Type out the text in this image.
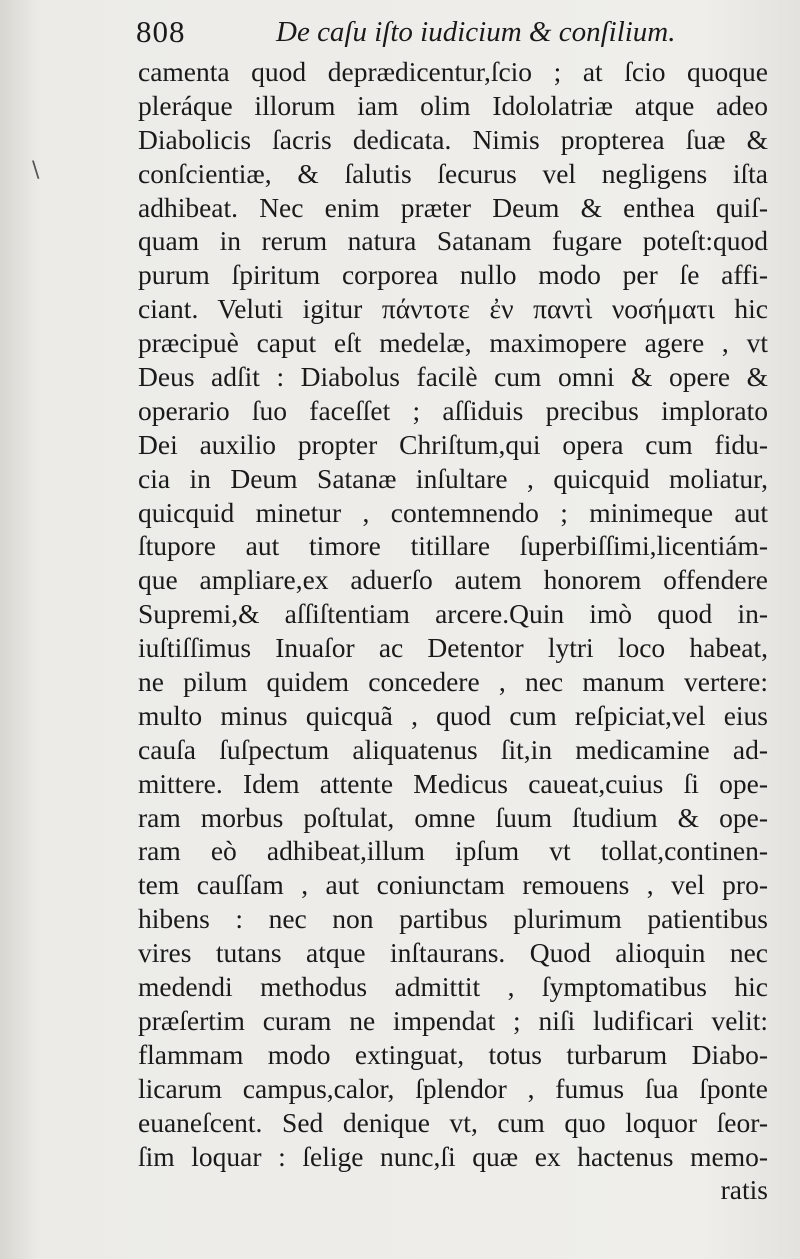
808	De caſu iſto iudicium & conſilium.
\
camenta quod deprædicentur,ſcio ; at ſcio quoque
pleráque illorum iam olim Idololatriæ atque adeo
Diabolicis ſacris dedicata. Nimis propterea ſuæ &
conſcientiæ, & ſalutis ſecurus vel negligens iſta
adhibeat. Nec enim præter Deum & enthea quiſ-
quam in rerum natura Satanam fugare poteſt:quod
purum ſpiritum corporea nullo modo per ſe affi-
ciant. Veluti igitur πάντοτε ἐν παντὶ νοσήματι hic
præcipuè caput eſt medelæ, maximopere agere , vt
Deus adſit : Diabolus facilè cum omni & opere &
operario ſuo faceſſet ; aſſiduis precibus implorato
Dei auxilio propter Chriſtum,qui opera cum fidu-
cia in Deum Satanæ inſultare , quicquid moliatur,
quicquid minetur , contemnendo ; minimeque aut
ſtupore aut timore titillare ſuperbiſſimi,licentiám-
que ampliare,ex aduerſo autem honorem offendere
Supremi,& aſſiſtentiam arcere.Quin imò quod in-
iuſtiſſimus Inuaſor ac Detentor lytri loco habeat,
ne pilum quidem concedere , nec manum vertere:
multo minus quicquã , quod cum reſpiciat,vel eius
cauſa ſuſpectum aliquatenus ſit,in medicamine ad-
mittere. Idem attente Medicus caueat,cuius ſi ope-
ram morbus poſtulat, omne ſuum ſtudium & ope-
ram eò adhibeat,illum ipſum vt tollat,continen-
tem cauſſam , aut coniunctam remouens , vel pro-
hibens : nec non partibus plurimum patientibus
vires tutans atque inſtaurans. Quod alioquin nec
medendi methodus admittit , ſymptomatibus hic
præſertim curam ne impendat ; niſi ludificari velit:
flammam modo extinguat, totus turbarum Diabo-
licarum campus,calor, ſplendor , fumus ſua ſponte
euaneſcent. Sed denique vt, cum quo loquor ſeor-
ſim loquar : ſelige nunc,ſi quæ ex hactenus memo-
ratis
